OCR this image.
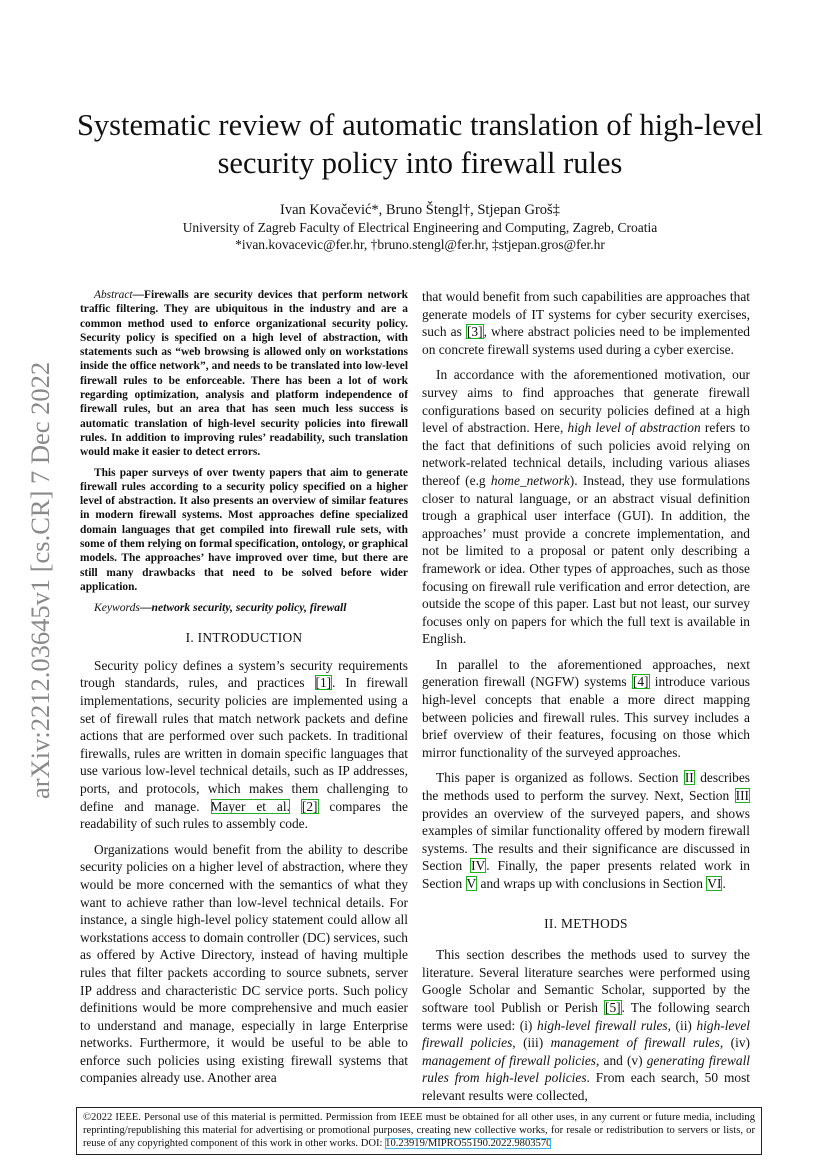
arXiv:2212.03645v1 [cs.CR] 7 Dec 2022
Systematic review of automatic translation of high-level security policy into firewall rules
Ivan Kovačević*, Bruno Štengl†, Stjepan Groš‡
University of Zagreb Faculty of Electrical Engineering and Computing, Zagreb, Croatia
*ivan.kovacevic@fer.hr, †bruno.stengl@fer.hr, ‡stjepan.gros@fer.hr

Abstract—Firewalls are security devices that perform network traffic filtering. They are ubiquitous in the industry and are a common method used to enforce organizational security policy. Security policy is specified on a high level of abstraction, with statements such as “web browsing is allowed only on workstations inside the office network”, and needs to be translated into low-level firewall rules to be enforceable. There has been a lot of work regarding optimization, analysis and platform independence of firewall rules, but an area that has seen much less success is automatic translation of high-level security policies into firewall rules. In addition to improving rules’ readability, such translation would make it easier to detect errors.

This paper surveys of over twenty papers that aim to generate firewall rules according to a security policy specified on a higher level of abstraction. It also presents an overview of similar features in modern firewall systems. Most approaches define specialized domain languages that get compiled into firewall rule sets, with some of them relying on formal specification, ontology, or graphical models. The approaches’ have improved over time, but there are still many drawbacks that need to be solved before wider application.

Keywords—network security, security policy, firewall

I. INTRODUCTION

Security policy defines a system’s security requirements trough standards, rules, and practices [1]. In firewall implementations, security policies are implemented using a set of firewall rules that match network packets and define actions that are performed over such packets. In traditional firewalls, rules are written in domain specific languages that use various low-level technical details, such as IP addresses, ports, and protocols, which makes them challenging to define and manage. Mayer et al. [2] compares the readability of such rules to assembly code.

Organizations would benefit from the ability to describe security policies on a higher level of abstraction, where they would be more concerned with the semantics of what they want to achieve rather than low-level technical details. For instance, a single high-level policy statement could allow all workstations access to domain controller (DC) services, such as offered by Active Directory, instead of having multiple rules that filter packets according to source subnets, server IP address and characteristic DC service ports. Such policy definitions would be more comprehensive and much easier to understand and manage, especially in large Enterprise networks. Furthermore, it would be useful to be able to enforce such policies using existing firewall systems that companies already use. Another area

that would benefit from such capabilities are approaches that generate models of IT systems for cyber security exercises, such as [3], where abstract policies need to be implemented on concrete firewall systems used during a cyber exercise.

In accordance with the aforementioned motivation, our survey aims to find approaches that generate firewall configurations based on security policies defined at a high level of abstraction. Here, high level of abstraction refers to the fact that definitions of such policies avoid relying on network-related technical details, including various aliases thereof (e.g home_network). Instead, they use formulations closer to natural language, or an abstract visual definition trough a graphical user interface (GUI). In addition, the approaches’ must provide a concrete implementation, and not be limited to a proposal or patent only describing a framework or idea. Other types of approaches, such as those focusing on firewall rule verification and error detection, are outside the scope of this paper. Last but not least, our survey focuses only on papers for which the full text is available in English.

In parallel to the aforementioned approaches, next generation firewall (NGFW) systems [4] introduce various high-level concepts that enable a more direct mapping between policies and firewall rules. This survey includes a brief overview of their features, focusing on those which mirror functionality of the surveyed approaches.

This paper is organized as follows. Section II describes the methods used to perform the survey. Next, Section III provides an overview of the surveyed papers, and shows examples of similar functionality offered by modern firewall systems. The results and their significance are discussed in Section IV. Finally, the paper presents related work in Section V and wraps up with conclusions in Section VI.

II. METHODS

This section describes the methods used to survey the literature. Several literature searches were performed using Google Scholar and Semantic Scholar, supported by the software tool Publish or Perish [5]. The following search terms were used: (i) high-level firewall rules, (ii) high-level firewall policies, (iii) management of firewall rules, (iv) management of firewall policies, and (v) generating firewall rules from high-level policies. From each search, 50 most relevant results were collected,

©2022 IEEE. Personal use of this material is permitted. Permission from IEEE must be obtained for all other uses, in any current or future media, including reprinting/republishing this material for advertising or promotional purposes, creating new collective works, for resale or redistribution to servers or lists, or reuse of any copyrighted component of this work in other works. DOI: 10.23919/MIPRO55190.2022.9803570
